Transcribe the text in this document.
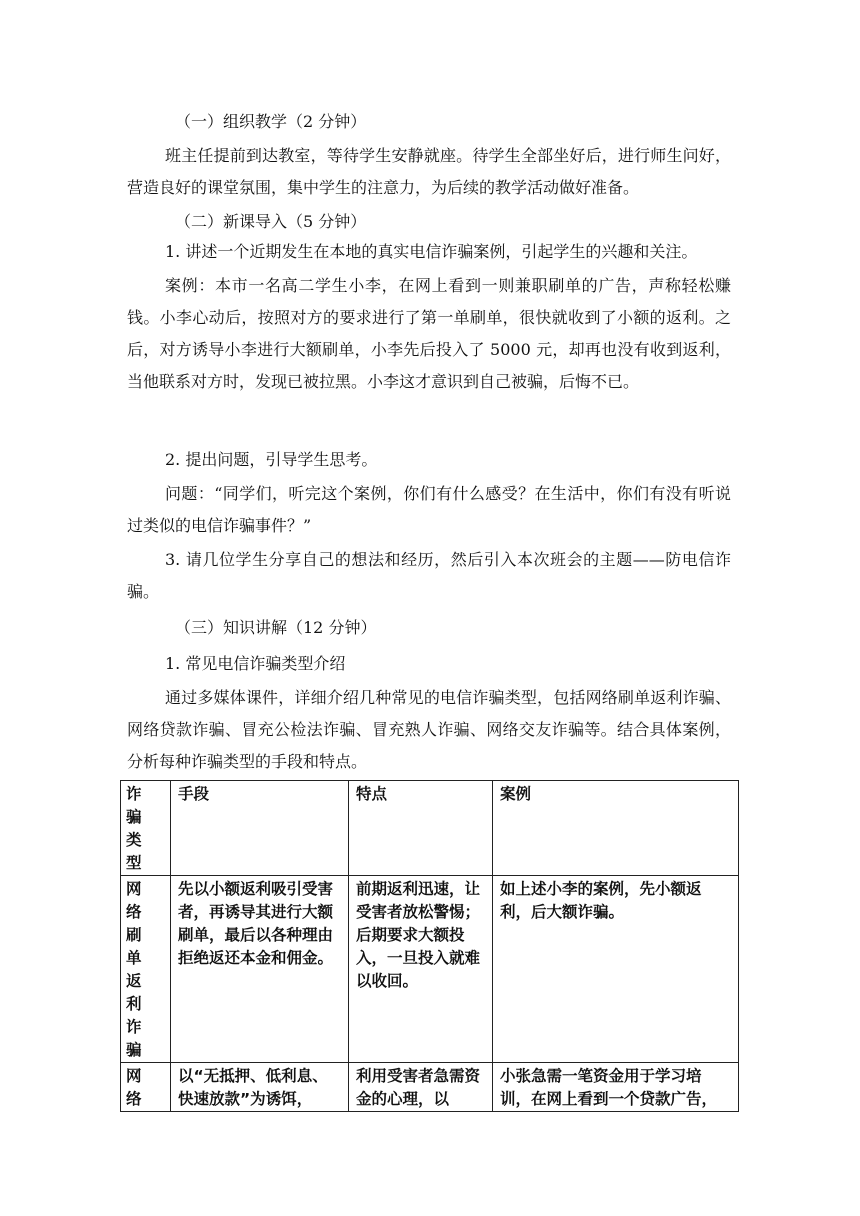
（一）组织教学（2 分钟）

班主任提前到达教室，等待学生安静就座。待学生全部坐好后，进行师生问好，营造良好的课堂氛围，集中学生的注意力，为后续的教学活动做好准备。

（二）新课导入（5 分钟）

1. 讲述一个近期发生在本地的真实电信诈骗案例，引起学生的兴趣和关注。

案例：本市一名高二学生小李，在网上看到一则兼职刷单的广告，声称轻松赚钱。小李心动后，按照对方的要求进行了第一单刷单，很快就收到了小额的返利。之后，对方诱导小李进行大额刷单，小李先后投入了 5000 元，却再也没有收到返利，当他联系对方时，发现已被拉黑。小李这才意识到自己被骗，后悔不已。

2. 提出问题，引导学生思考。

问题：“同学们，听完这个案例，你们有什么感受？在生活中，你们有没有听说过类似的电信诈骗事件？”

3. 请几位学生分享自己的想法和经历，然后引入本次班会的主题——防电信诈骗。

（三）知识讲解（12 分钟）

1. 常见电信诈骗类型介绍

通过多媒体课件，详细介绍几种常见的电信诈骗类型，包括网络刷单返利诈骗、网络贷款诈骗、冒充公检法诈骗、冒充熟人诈骗、网络交友诈骗等。结合具体案例，分析每种诈骗类型的手段和特点。

诈骗类型	手段	特点	案例

网络刷单返利诈骗	先以小额返利吸引受害者，再诱导其进行大额刷单，最后以各种理由拒绝返还本金和佣金。	前期返利迅速，让受害者放松警惕；后期要求大额投入，一旦投入就难以收回。	如上述小李的案例，先小额返利，后大额诈骗。

网络	以“无抵押、低利息、快速放款”为诱饵，	利用受害者急需资金的心理，以	小张急需一笔资金用于学习培训，在网上看到一个贷款广告，
